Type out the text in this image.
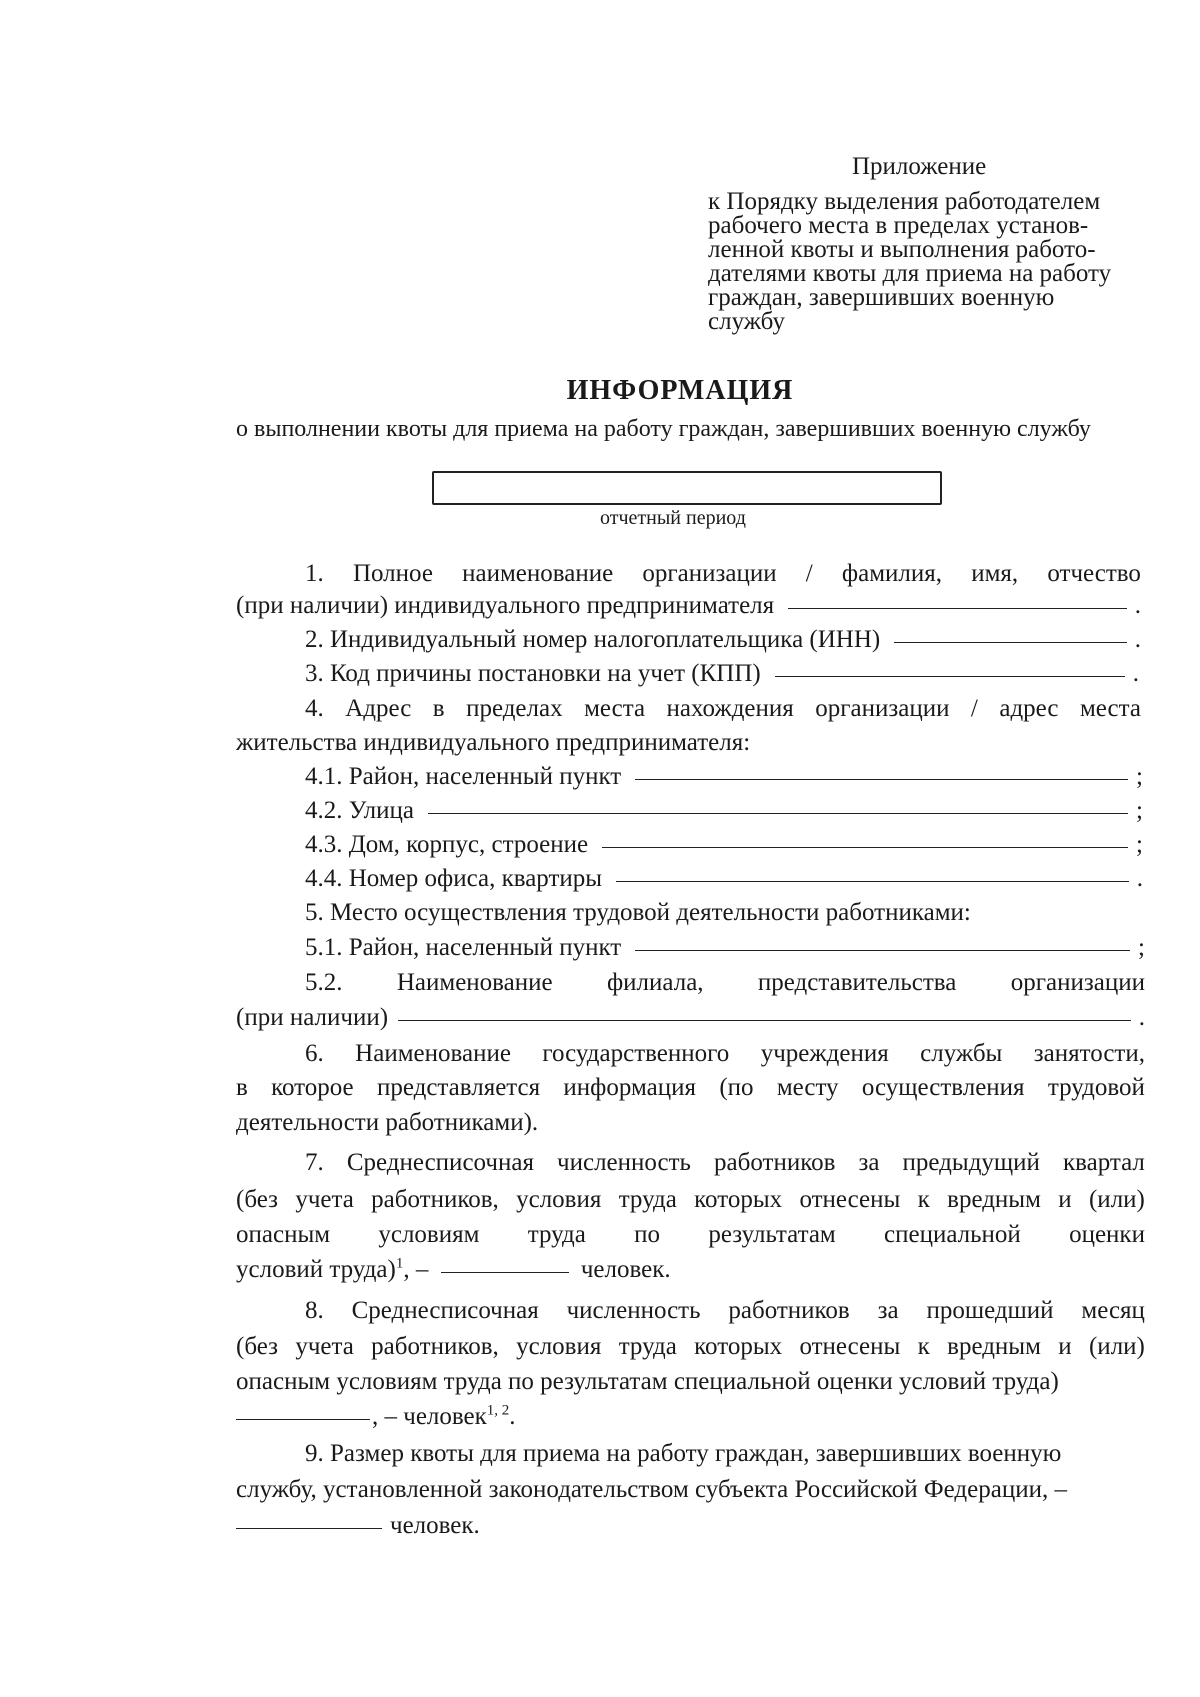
Приложение
к Порядку выделения работодателем
рабочего места в пределах установ-
ленной квоты и выполнения работо-
дателями квоты для приема на работу
граждан, завершивших военную
службу
ИНФОРМАЦИЯ
о выполнении квоты для приема на работу граждан, завершивших военную службу
отчетный период
1. Полное наименование организации / фамилия, имя, отчество
(при наличии) индивидуального предпринимателя	.
2. Индивидуальный номер налогоплательщика (ИНН)	.
3. Код причины постановки на учет (КПП)	.
4. Адрес в пределах места нахождения организации / адрес места
жительства индивидуального предпринимателя:
4.1. Район, населенный пункт	;
4.2. Улица	;
4.3. Дом, корпус, строение	;
4.4. Номер офиса, квартиры	.
5. Место осуществления трудовой деятельности работниками:
5.1. Район, населенный пункт	;
5.2. Наименование филиала, представительства организации
(при наличии)	.
6. Наименование государственного учреждения службы занятости,
в которое представляется информация (по месту осуществления трудовой
деятельности работниками).
7. Среднесписочная численность работников за предыдущий квартал
(без учета работников, условия труда которых отнесены к вредным и (или)
опасным условиям труда по результатам специальной оценки
условий труда)$^1$, –	человек.
8. Среднесписочная численность работников за прошедший месяц
(без учета работников, условия труда которых отнесены к вредным и (или)
опасным условиям труда по результатам специальной оценки условий труда)
, – человек$^{1, 2}$.
9. Размер квоты для приема на работу граждан, завершивших военную
службу, установленной законодательством субъекта Российской Федерации, –
человек.
